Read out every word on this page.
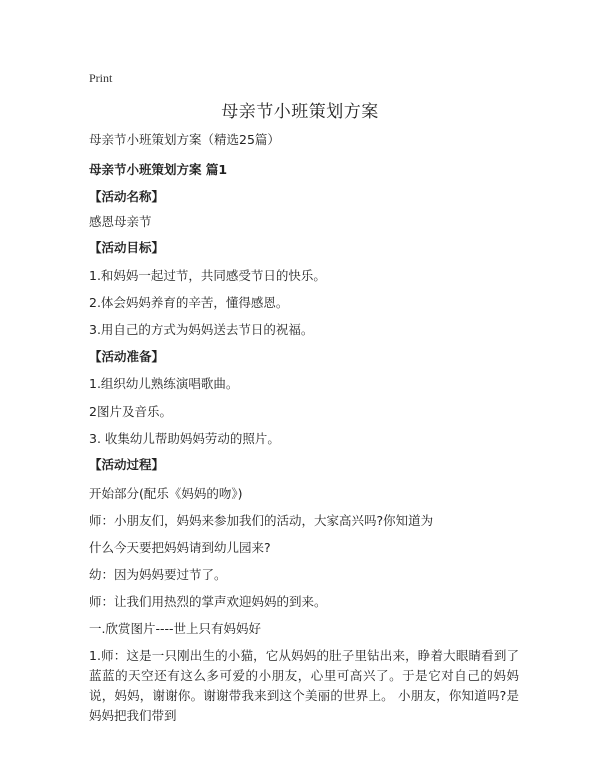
Print
母亲节小班策划方案
母亲节小班策划方案（精选25篇）
母亲节小班策划方案 篇1
【活动名称】
感恩母亲节
【活动目标】
1.和妈妈一起过节，共同感受节日的快乐。
2.体会妈妈养育的辛苦，懂得感恩。
3.用自己的方式为妈妈送去节日的祝福。
【活动准备】
1.组织幼儿熟练演唱歌曲。
2图片及音乐。
3. 收集幼儿帮助妈妈劳动的照片。
【活动过程】
开始部分(配乐《妈妈的吻》)
师：小朋友们，妈妈来参加我们的活动，大家高兴吗?你知道为
什么今天要把妈妈请到幼儿园来?
幼：因为妈妈要过节了。
师：让我们用热烈的掌声欢迎妈妈的到来。
一.欣赏图片----世上只有妈妈好
1.师：这是一只刚出生的小猫，它从妈妈的肚子里钻出来，睁着大眼睛看到了蓝蓝的天空还有这么多可爱的小朋友，心里可高兴了。于是它对自己的妈妈说，妈妈，谢谢你。谢谢带我来到这个美丽的世界上。 小朋友，你知道吗?是妈妈把我们带到
